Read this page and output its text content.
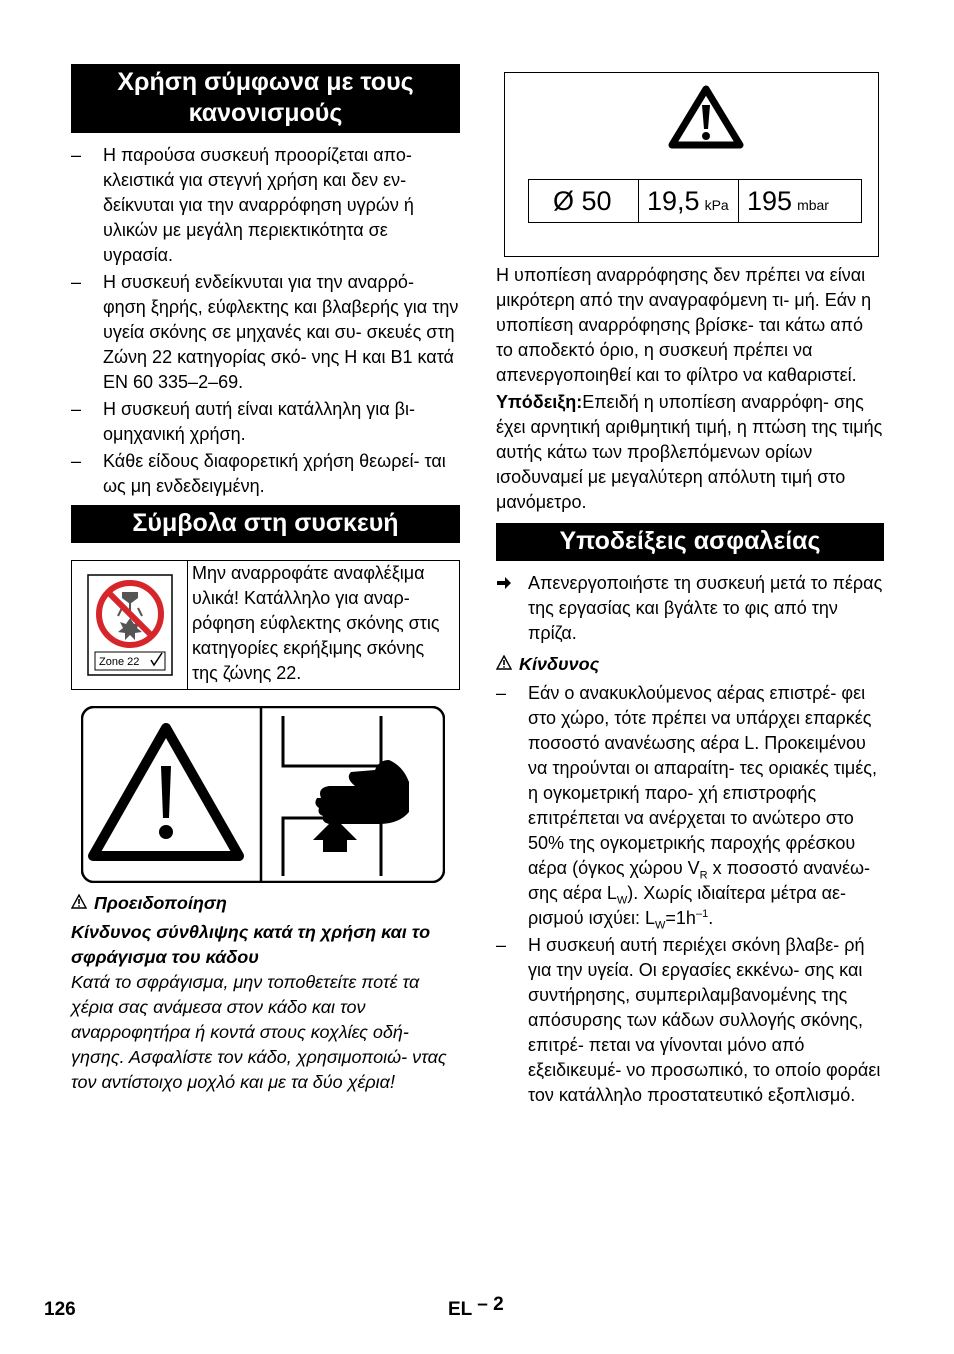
Χρήση σύμφωνα με τους κανονισμούς
– Η παρούσα συσκευή προορίζεται απο- κλειστικά για στεγνή χρήση και δεν εν- δείκνυται για την αναρρόφηση υγρών ή υλικών με μεγάλη περιεκτικότητα σε υγρασία.
– Η συσκευή ενδείκνυται για την αναρρό- φηση ξηρής, εύφλεκτης και βλαβερής για την υγεία σκόνης σε μηχανές και συ- σκευές στη Ζώνη 22 κατηγορίας σκό- νης H και B1 κατά EN 60 335–2–69.
– Η συσκευή αυτή είναι κατάλληλη για βι- ομηχανική χρήση.
– Κάθε είδους διαφορετική χρήση θεωρεί- ται ως μη ενδεδειγμένη.
Σύμβολα στη συσκευή
Zone 22
Μην αναρροφάτε αναφλέξιμα υλικά! Κατάλληλο για αναρ- ρόφηση εύφλεκτης σκόνης στις κατηγορίες εκρήξιμης σκόνης της ζώνης 22.
Προειδοποίηση

Κίνδυνος σύνθλιψης κατά τη χρήση και το σφράγισμα του κάδου

Κατά το σφράγισμα, μην τοποθετείτε ποτέ τα χέρια σας ανάμεσα στον κάδο και τον αναρροφητήρα ή κοντά στους κοχλίες οδή- γησης. Ασφαλίστε τον κάδο, χρησιμοποιώ- ντας τον αντίστοιχο μοχλό και με τα δύο χέρια!

Ø 50	19,5 kPa 195 mbar

Η υποπίεση αναρρόφησης δεν πρέπει να είναι μικρότερη από την αναγραφόμενη τι- μή. Εάν η υποπίεση αναρρόφησης βρίσκε- ται κάτω από το αποδεκτό όριο, η συσκευή πρέπει να απενεργοποιηθεί και το φίλτρο να καθαριστεί.

Υπόδειξη:Επειδή η υποπίεση αναρρόφη- σης έχει αρνητική αριθμητική τιμή, η πτώση της τιμής αυτής κάτω των προβλεπόμενων ορίων ισοδυναμεί με μεγαλύτερη απόλυτη τιμή στο μανόμετρο.

Υποδείξεις ασφαλείας
Απενεργοποιήστε τη συσκευή μετά το πέρας της εργασίας και βγάλτε το φις από την πρίζα.
Κίνδυνος
– Εάν ο ανακυκλούμενος αέρας επιστρέ- φει στο χώρο, τότε πρέπει να υπάρχει επαρκές ποσοστό ανανέωσης αέρα L. Προκειμένου να τηρούνται οι απαραίτη- τες οριακές τιμές, η ογκομετρική παρο- χή επιστροφής επιτρέπεται να ανέρχεται το ανώτερο στο 50% της ογκομετρικής παροχής φρέσκου αέρα (όγκος χώρου $V_R$ x ποσοστό ανανέω- σης αέρα $L_W$). Χωρίς ιδιαίτερα μέτρα αε- ρισμού ισχύει: $L_W=1h^{-1}$.
– Η συσκευή αυτή περιέχει σκόνη βλαβε- ρή για την υγεία. Οι εργασίες εκκένω- σης και συντήρησης, συμπεριλαμβανομένης της απόσυρσης των κάδων συλλογής σκόνης, επιτρέ- πεται να γίνονται μόνο από εξειδικευμέ- νο προσωπικό, το οποίο φοράει τον κατάλληλο προστατευτικό εξοπλισμό.
126	EL – 2
